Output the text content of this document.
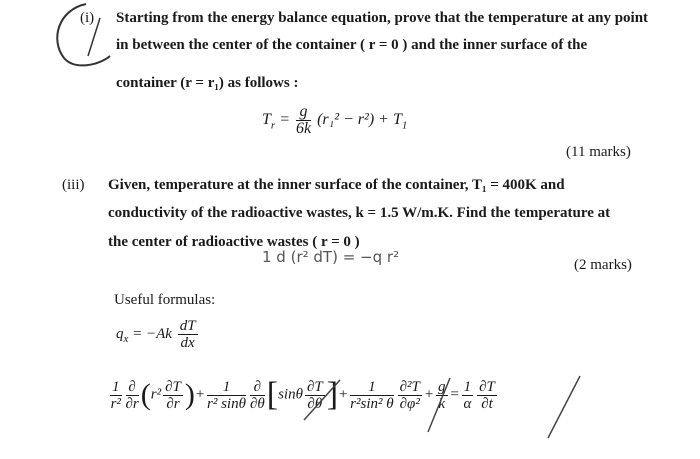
(i) Starting from the energy balance equation, prove that the temperature at any point
in between the center of the container ( r = 0 ) and the inner surface of the
container (r = r₁) as follows :
$T_r = \frac{g}{6k} (r_1^2 - r^2) + T_1$
(11 marks)
(iii) Given, temperature at the inner surface of the container, T₁ = 400K and
conductivity of the radioactive wastes, k = 1.5 W/m.K. Find the temperature at
the center of radioactive wastes ( r = 0 )
1 d (r² dT) = −q r²	(2 marks)
Useful formulas:
$q_x = -Ak \frac{dT}{dx}$
$\frac{1}{\text{r²}} \frac{\partial}{\partial r} (r^2 \frac{\partial T}{\partial r}$ )+ $\frac{1}{\text{r² sinθ}} \frac{\partial}{\partial\theta} [\sin\theta \frac{\partial T}{\partial\theta}$ ]+ $\frac{1}{\text{r²sin² θ}} \frac{\text{∂²T}}{\text{∂φ²}} + \frac{g}{k} = \frac{1}{\alpha} \frac{\partial T}{\partial t}$
